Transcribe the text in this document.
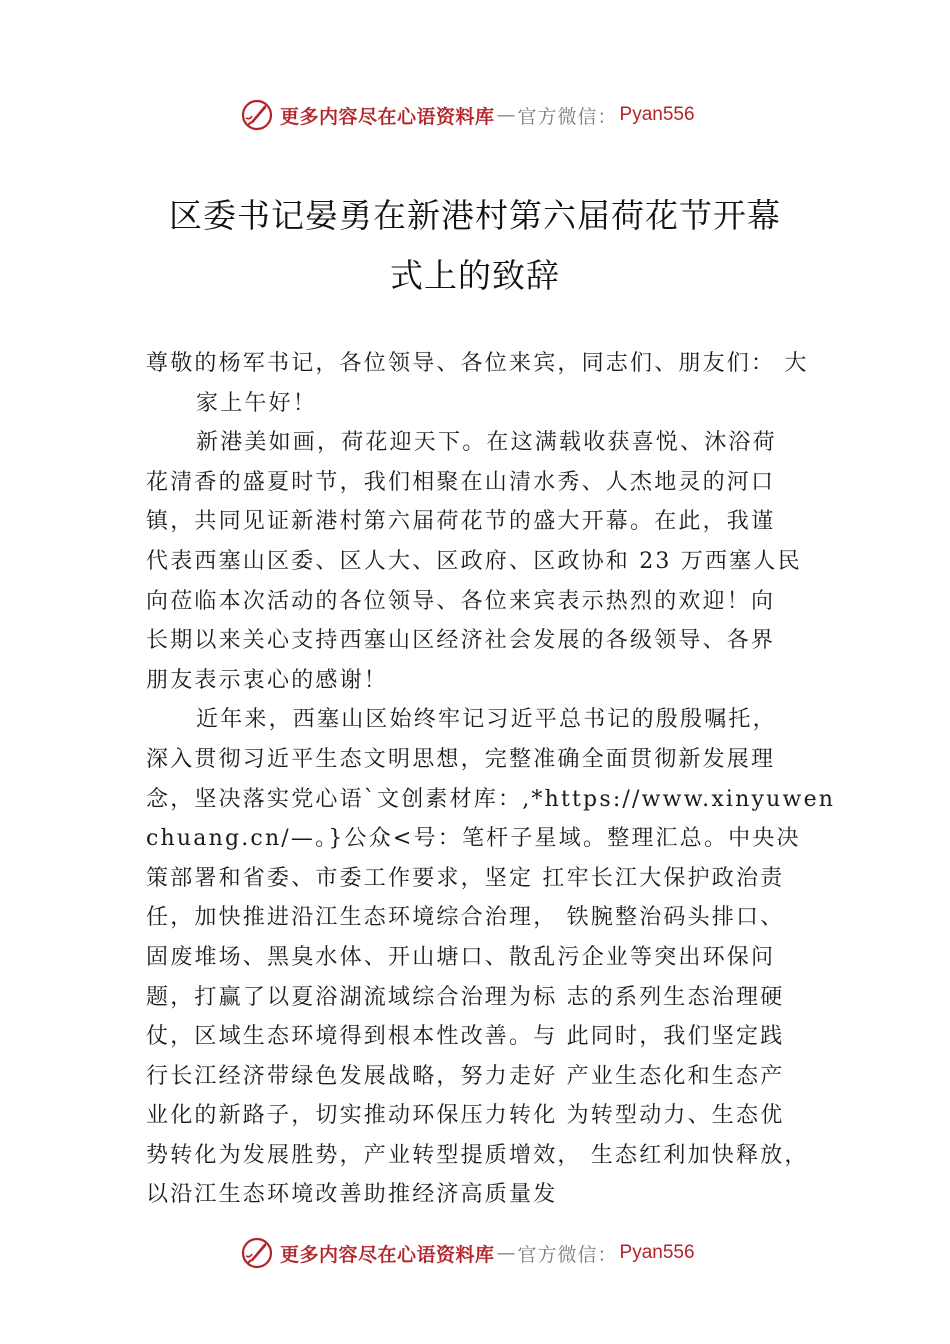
更多内容尽在心语资料库 — 官方微信： Pyan556
区委书记晏勇在新港村第六届荷花节开幕
式上的致辞
尊敬的杨军书记，各位领导、各位来宾，同志们、朋友们： 大
家上午好！
新港美如画，荷花迎天下。在这满载收获喜悦、沐浴荷
花清香的盛夏时节，我们相聚在山清水秀、人杰地灵的河口
镇，共同见证新港村第六届荷花节的盛大开幕。在此，我谨
代表西塞山区委、区人大、区政府、区政协和 23 万西塞人民
向莅临本次活动的各位领导、各位来宾表示热烈的欢迎！向
长期以来关心支持西塞山区经济社会发展的各级领导、各界
朋友表示衷心的感谢！
近年来，西塞山区始终牢记习近平总书记的殷殷嘱托，
深入贯彻习近平生态文明思想，完整准确全面贯彻新发展理
念，坚决落实党心语`文创素材库：,*https://www.xinyuwen
chuang.cn/—。}公众<号：笔杆子星域。整理汇总。中央决
策部署和省委、市委工作要求，坚定 扛牢长江大保护政治责
任，加快推进沿江生态环境综合治理， 铁腕整治码头排口、
固废堆场、黑臭水体、开山塘口、散乱污企业等突出环保问
题，打赢了以夏浴湖流域综合治理为标 志的系列生态治理硬
仗，区域生态环境得到根本性改善。与 此同时，我们坚定践
行长江经济带绿色发展战略，努力走好 产业生态化和生态产
业化的新路子，切实推动环保压力转化 为转型动力、生态优
势转化为发展胜势，产业转型提质增效， 生态红利加快释放，
以沿江生态环境改善助推经济高质量发
更多内容尽在心语资料库 — 官方微信： Pyan556
